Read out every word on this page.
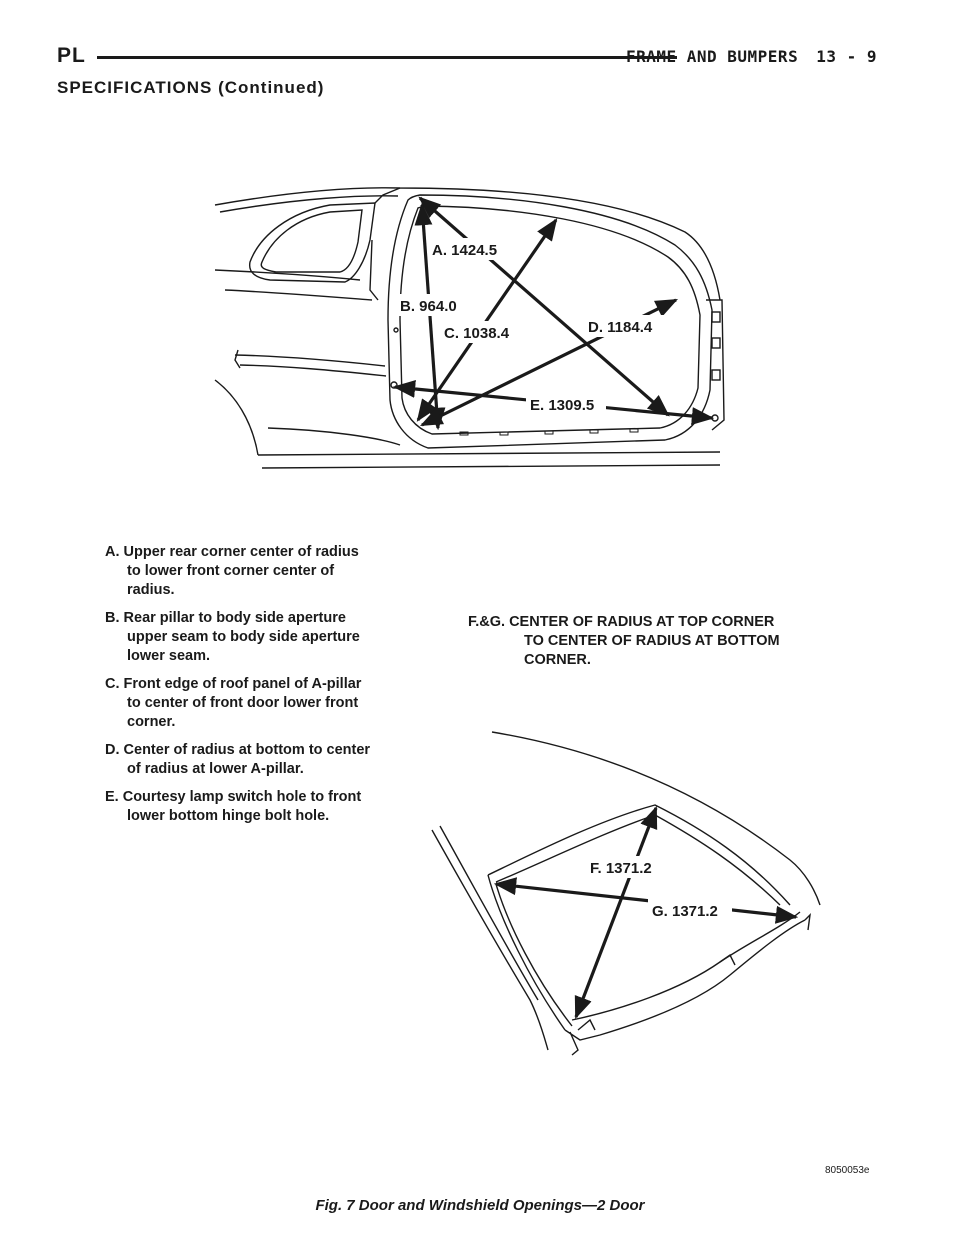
PL	FRAME AND BUMPERS 13 - 9
SPECIFICATIONS (Continued)
A. 1424.5
B. 964.0
C. 1038.4	D. 1184.4
E. 1309.5
F. 1371.2
G. 1371.2
A. Upper rear corner center of radius to lower front corner center of radius.
B. Rear pillar to body side aperture upper seam to body side aperture lower seam.
C. Front edge of roof panel of A-pillar to center of front door lower front corner.
D. Center of radius at bottom to center of radius at lower A-pillar.
E. Courtesy lamp switch hole to front lower bottom hinge bolt hole.
F.&G. CENTER OF RADIUS AT TOP CORNER TO CENTER OF RADIUS AT BOTTOM CORNER.
8050053e
Fig. 7 Door and Windshield Openings—2 Door
